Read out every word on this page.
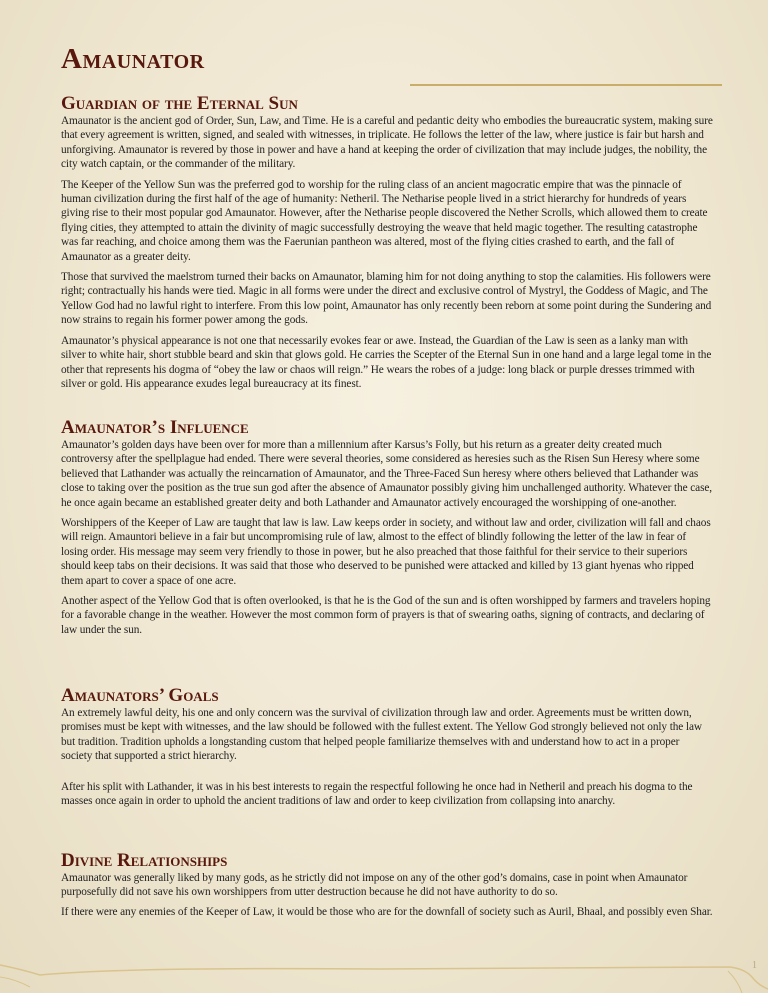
Amaunator
Guardian of the Eternal Sun

Amaunator is the ancient god of Order, Sun, Law, and Time. He is a careful and pedantic deity who embodies the bureaucratic system, making sure that every agreement is written, signed, and sealed with witnesses, in triplicate. He follows the letter of the law, where justice is fair but harsh and unforgiving. Amaunator is revered by those in power and have a hand at keeping the order of civilization that may include judges, the nobility, the city watch captain, or the commander of the military.

The Keeper of the Yellow Sun was the preferred god to worship for the ruling class of an ancient magocratic empire that was the pinnacle of human civilization during the first half of the age of humanity: Netheril. The Netharise people lived in a strict hierarchy for hundreds of years giving rise to their most popular god Amaunator. However, after the Netharise people discovered the Nether Scrolls, which allowed them to create flying cities, they attempted to attain the divinity of magic successfully destroying the weave that held magic together. The resulting catastrophe was far reaching, and choice among them was the Faerunian pantheon was altered, most of the flying cities crashed to earth, and the fall of Amaunator as a greater deity.

Those that survived the maelstrom turned their backs on Amaunator, blaming him for not doing anything to stop the calamities. His followers were right; contractually his hands were tied. Magic in all forms were under the direct and exclusive control of Mystryl, the Goddess of Magic, and The Yellow God had no lawful right to interfere. From this low point, Amaunator has only recently been reborn at some point during the Sundering and now strains to regain his former power among the gods.

Amaunator’s physical appearance is not one that necessarily evokes fear or awe. Instead, the Guardian of the Law is seen as a lanky man with silver to white hair, short stubble beard and skin that glows gold. He carries the Scepter of the Eternal Sun in one hand and a large legal tome in the other that represents his dogma of “obey the law or chaos will reign.” He wears the robes of a judge: long black or purple dresses trimmed with silver or gold. His appearance exudes legal bureaucracy at its finest.

Amaunator’s Influence

Amaunator’s golden days have been over for more than a millennium after Karsus’s Folly, but his return as a greater deity created much controversy after the spellplague had ended. There were several theories, some considered as heresies such as the Risen Sun Heresy where some believed that Lathander was actually the reincarnation of Amaunator, and the Three-Faced Sun heresy where others believed that Lathander was close to taking over the position as the true sun god after the absence of Amaunator possibly giving him unchallenged authority. Whatever the case, he once again became an established greater deity and both Lathander and Amaunator actively encouraged the worshipping of one-another.

Worshippers of the Keeper of Law are taught that law is law. Law keeps order in society, and without law and order, civilization will fall and chaos will reign. Amauntori believe in a fair but uncompromising rule of law, almost to the effect of blindly following the letter of the law in fear of losing order. His message may seem very friendly to those in power, but he also preached that those faithful for their service to their superiors should keep tabs on their decisions. It was said that those who deserved to be punished were attacked and killed by 13 giant hyenas who ripped them apart to cover a space of one acre.

Another aspect of the Yellow God that is often overlooked, is that he is the God of the sun and is often worshipped by farmers and travelers hoping for a favorable change in the weather. However the most common form of prayers is that of swearing oaths, signing of contracts, and declaring of law under the sun.

Amaunators’ Goals

An extremely lawful deity, his one and only concern was the survival of civilization through law and order. Agreements must be written down, promises must be kept with witnesses, and the law should be followed with the fullest extent. The Yellow God strongly believed not only the law but tradition. Tradition upholds a longstanding custom that helped people familiarize themselves with and understand how to act in a proper society that supported a strict hierarchy.

After his split with Lathander, it was in his best interests to regain the respectful following he once had in Netheril and preach his dogma to the masses once again in order to uphold the ancient traditions of law and order to keep civilization from collapsing into anarchy.

Divine Relationships

Amaunator was generally liked by many gods, as he strictly did not impose on any of the other god’s domains, case in point when Amaunator purposefully did not save his own worshippers from utter destruction because he did not have authority to do so.

If there were any enemies of the Keeper of Law, it would be those who are for the downfall of society such as Auril, Bhaal, and possibly even Shar.

1
